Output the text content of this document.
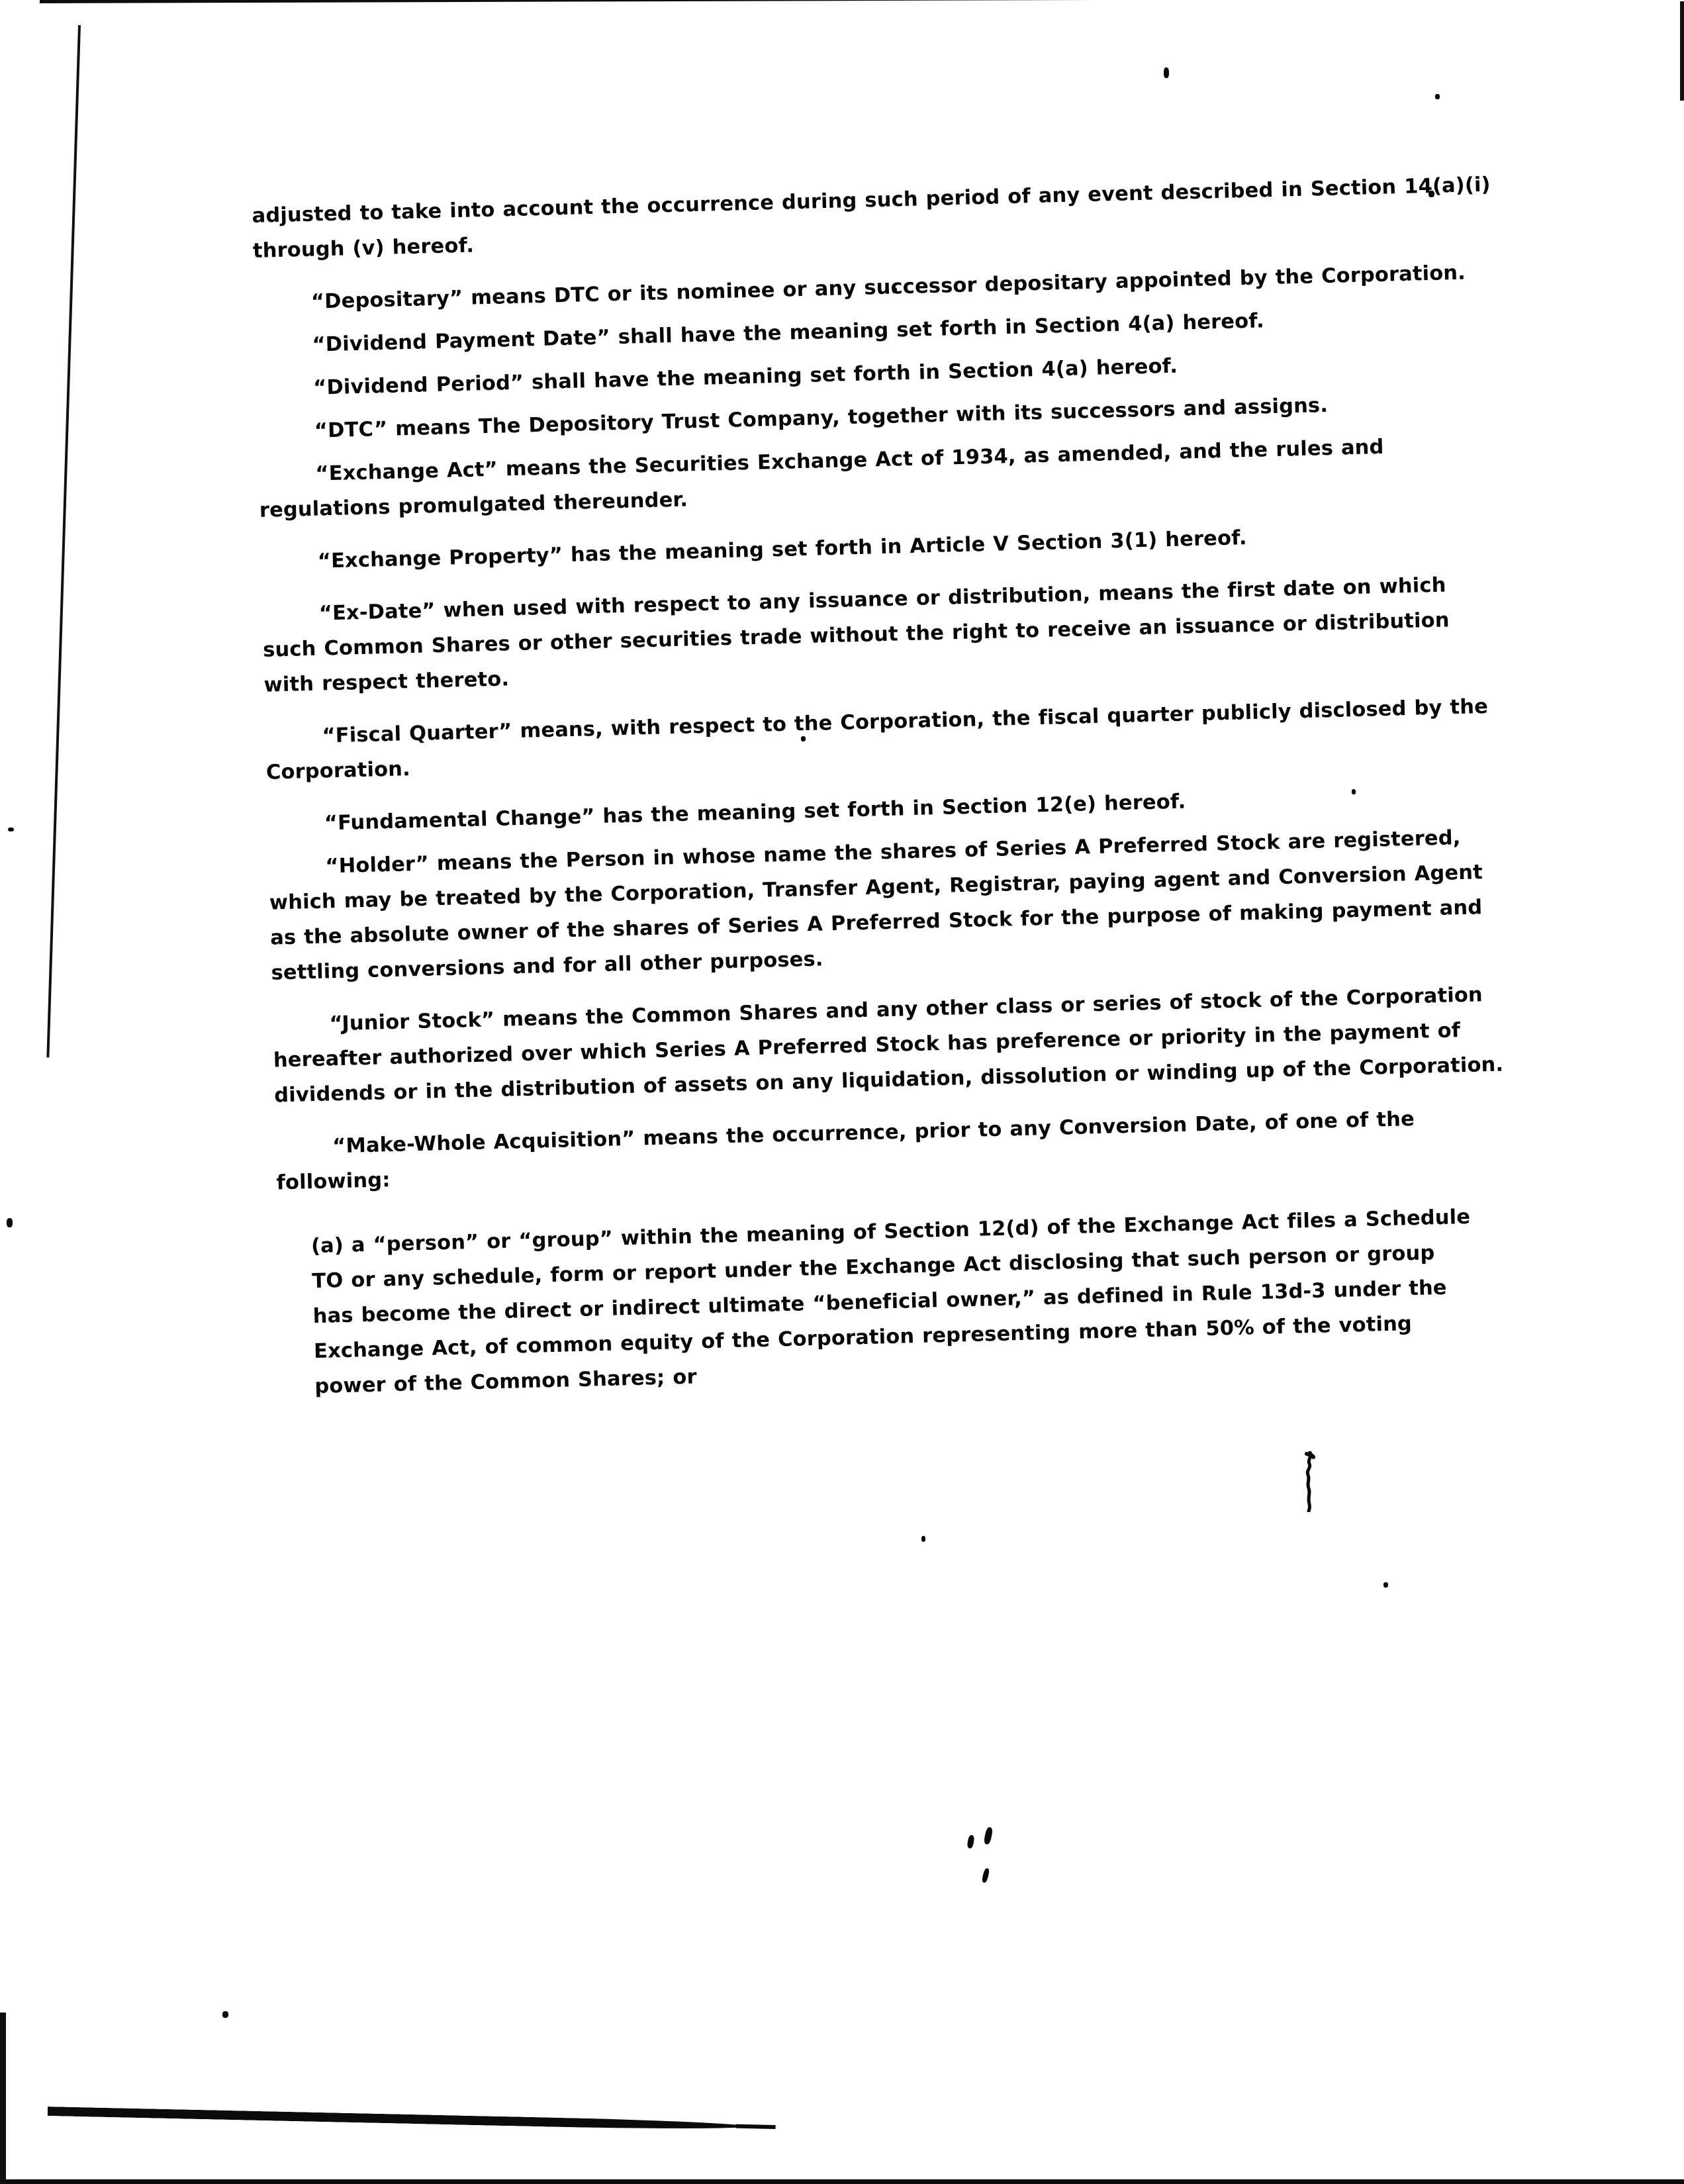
adjusted to take into account the occurrence during such period of any event described in Section 14(a)(i) through (v) hereof.

“Depositary” means DTC or its nominee or any successor depositary appointed by the Corporation.

“Dividend Payment Date” shall have the meaning set forth in Section 4(a) hereof.

“Dividend Period” shall have the meaning set forth in Section 4(a) hereof.

“DTC” means The Depository Trust Company, together with its successors and assigns.

“Exchange Act” means the Securities Exchange Act of 1934, as amended, and the rules and regulations promulgated thereunder.

“Exchange Property” has the meaning set forth in Article V Section 3(1) hereof.

“Ex-Date” when used with respect to any issuance or distribution, means the first date on which such Common Shares or other securities trade without the right to receive an issuance or distribution with respect thereto.

“Fiscal Quarter” means, with respect to the Corporation, the fiscal quarter publicly disclosed by the Corporation.

“Fundamental Change” has the meaning set forth in Section 12(e) hereof.

“Holder” means the Person in whose name the shares of Series A Preferred Stock are registered, which may be treated by the Corporation, Transfer Agent, Registrar, paying agent and Conversion Agent as the absolute owner of the shares of Series A Preferred Stock for the purpose of making payment and settling conversions and for all other purposes.

“Junior Stock” means the Common Shares and any other class or series of stock of the Corporation hereafter authorized over which Series A Preferred Stock has preference or priority in the payment of dividends or in the distribution of assets on any liquidation, dissolution or winding up of the Corporation.

“Make-Whole Acquisition” means the occurrence, prior to any Conversion Date, of one of the following:

(a) a “person” or “group” within the meaning of Section 12(d) of the Exchange Act files a Schedule TO or any schedule, form or report under the Exchange Act disclosing that such person or group has become the direct or indirect ultimate “beneficial owner,” as defined in Rule 13d-3 under the Exchange Act, of common equity of the Corporation representing more than 50% of the voting power of the Common Shares; or
